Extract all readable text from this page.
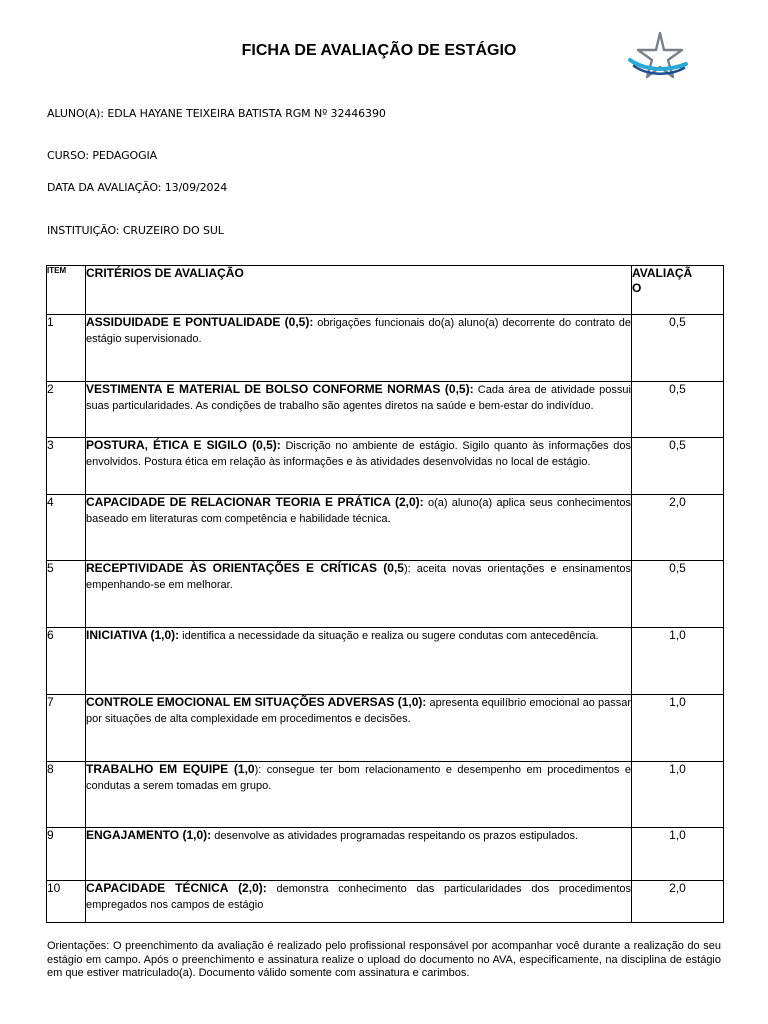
FICHA DE AVALIAÇÃO DE ESTÁGIO
ALUNO(A): EDLA HAYANE TEIXEIRA BATISTA RGM Nº 32446390
CURSO: PEDAGOGIA
DATA DA AVALIAÇÃO: 13/09/2024
INSTITUIÇÃO: CRUZEIRO DO SUL
ITEM	CRITÉRIOS DE AVALIAÇÃO	AVALIAÇÃ
O
1	ASSIDUIDADE E PONTUALIDADE (0,5): obrigações funcionais do(a) aluno(a) decorrente do contrato de estágio supervisionado.	0,5
2	VESTIMENTA E MATERIAL DE BOLSO CONFORME NORMAS (0,5): Cada área de atividade possui suas particularidades. As condições de trabalho são agentes diretos na saúde e bem-estar do indivíduo.	0,5
3	POSTURA, ÉTICA E SIGILO (0,5): Discrição no ambiente de estágio. Sigilo quanto às informações dos envolvidos. Postura ética em relação às informações e às atividades desenvolvidas no local de estágio.	0,5
4	CAPACIDADE DE RELACIONAR TEORIA E PRÁTICA (2,0): o(a) aluno(a) aplica seus conhecimentos baseado em literaturas com competência e habilidade técnica.	2,0
5	RECEPTIVIDADE ÀS ORIENTAÇÕES E CRÍTICAS (0,5): aceita novas orientações e ensinamentos empenhando-se em melhorar.	0,5
6	INICIATIVA (1,0): identifica a necessidade da situação e realiza ou sugere condutas com antecedência.	1,0
7	CONTROLE EMOCIONAL EM SITUAÇÕES ADVERSAS (1,0): apresenta equilíbrio emocional ao passar por situações de alta complexidade em procedimentos e decisões.	1,0
8	TRABALHO EM EQUIPE (1,0): consegue ter bom relacionamento e desempenho em procedimentos e condutas a serem tomadas em grupo.	1,0
9	ENGAJAMENTO (1,0): desenvolve as atividades programadas respeitando os prazos estipulados.	1,0
10	CAPACIDADE TÉCNICA (2,0): demonstra conhecimento das particularidades dos procedimentos empregados nos campos de estágio	2,0
Orientações: O preenchimento da avaliação é realizado pelo profissional responsável por acompanhar você durante a realização do seu estágio em campo. Após o preenchimento e assinatura realize o upload do documento no AVA, especificamente, na disciplina de estágio em que estiver matriculado(a). Documento válido somente com assinatura e carimbos.
